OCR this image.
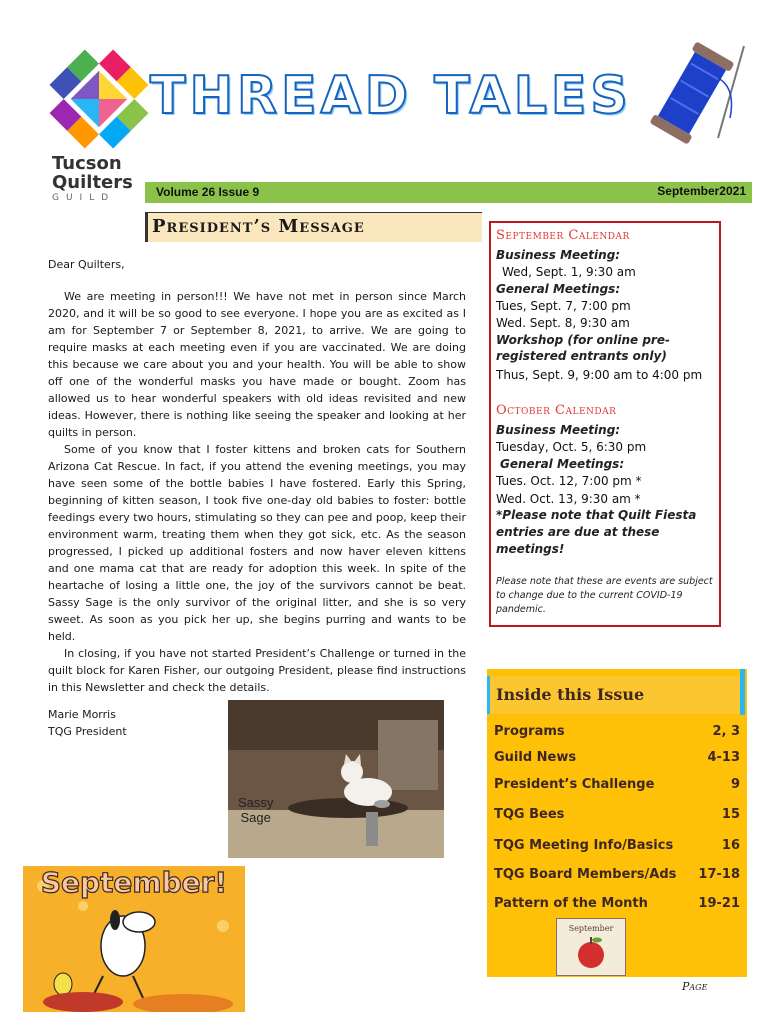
THREAD TALES
Tucson
Quilters
GUILD	Volume 26 Issue 9	September2021
President’s Message
Dear Quilters,

We are meeting in person!!! We have not met in person since March 2020, and it will be so good to see everyone. I hope you are as excited as I am for September 7 or September 8, 2021, to arrive. We are going to require masks at each meeting even if you are vaccinated. We are doing this because we care about you and your health. You will be able to show off one of the wonderful masks you have made or bought. Zoom has allowed us to hear wonderful speakers with old ideas revisited and new ideas. However, there is nothing like seeing the speaker and looking at her quilts in person.

Some of you know that I foster kittens and broken cats for Southern Arizona Cat Rescue. In fact, if you attend the evening meetings, you may have seen some of the bottle babies I have fostered. Early this Spring, beginning of kitten season, I took five one-day old babies to foster: bottle feedings every two hours, stimulating so they can pee and poop, keep their environment warm, treating them when they got sick, etc. As the season progressed, I picked up additional fosters and now haver eleven kittens and one mama cat that are ready for adoption this week. In spite of the heartache of losing a little one, the joy of the survivors cannot be beat. Sassy Sage is the only survivor of the original litter, and she is so very sweet. As soon as you pick her up, she begins purring and wants to be held.

In closing, if you have not started President’s Challenge or turned in the quilt block for Karen Fisher, our outgoing President, please find instructions in this Newsletter and check the details.

Marie Morris
TQG President
Sassy
Sage
September!
September Calendar
Business Meeting:
Wed, Sept. 1, 9:30 am
General Meetings:
Tues, Sept. 7, 7:00 pm
Wed. Sept. 8, 9:30 am
Workshop (for online pre-
registered entrants only)
Thus, Sept. 9, 9:00 am to 4:00 pm
October Calendar
Business Meeting:
Tuesday, Oct. 5, 6:30 pm
General Meetings:
Tues. Oct. 12, 7:00 pm *
Wed. Oct. 13, 9:30 am *
*Please note that Quilt Fiesta
entries are due at these
meetings!
Please note that these are events are subject to change due to the current COVID-19 pandemic.
Inside this Issue
Programs	2, 3
Guild News	4-13
President’s Challenge	9
TQG Bees	15
TQG Meeting Info/Basics	16
TQG Board Members/Ads 17-18
Pattern of the Month	19-21
September
Page
